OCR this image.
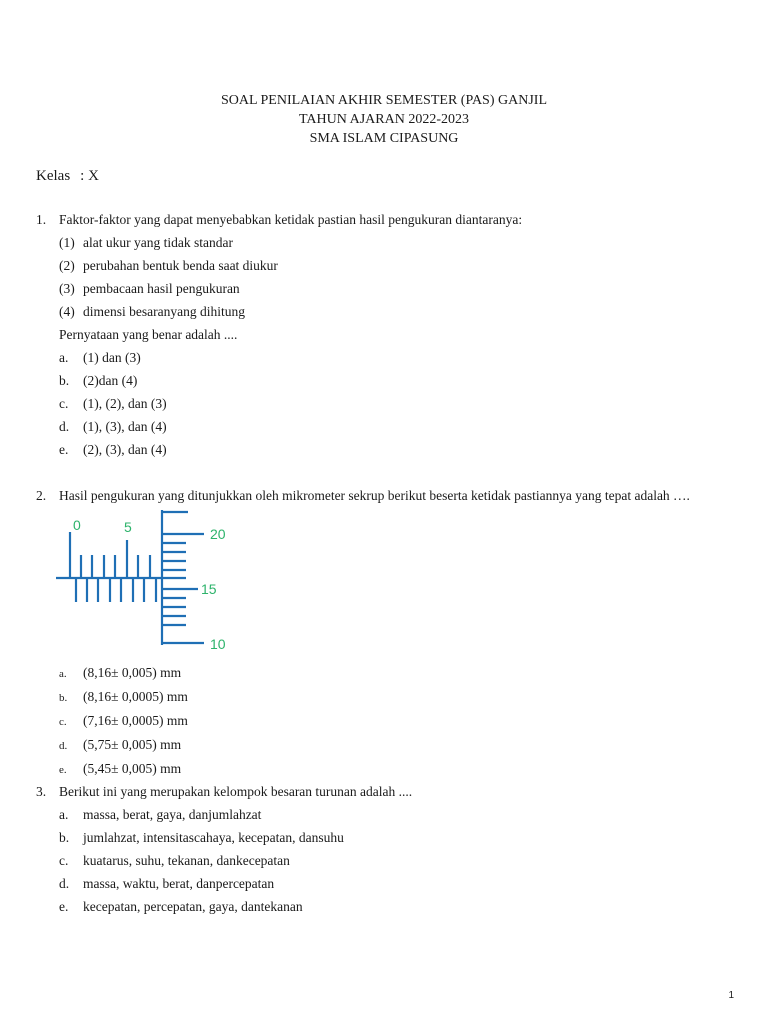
SOAL PENILAIAN AKHIR SEMESTER (PAS) GANJIL
TAHUN AJARAN 2022-2023
SMA ISLAM CIPASUNG
Kelas : X
1. Faktor-faktor yang dapat menyebabkan ketidak pastian hasil pengukuran diantaranya:
(1) alat ukur yang tidak standar
(2) perubahan bentuk benda saat diukur
(3) pembacaan hasil pengukuran
(4) dimensi besaranyang dihitung
Pernyataan yang benar adalah ....
a. (1) dan (3)
b. (2)dan (4)
c. (1), (2), dan (3)
d. (1), (3), dan (4)
e. (2), (3), dan (4)
2. Hasil pengukuran yang ditunjukkan oleh mikrometer sekrup berikut beserta ketidak pastiannya yang tepat adalah ….
0	5	20
15
10
a. (8,16± 0,005) mm
b. (8,16± 0,0005) mm
c. (7,16± 0,0005) mm
d. (5,75± 0,005) mm
e. (5,45± 0,005) mm
3. Berikut ini yang merupakan kelompok besaran turunan adalah ....
a. massa, berat, gaya, danjumlahzat
b. jumlahzat, intensitascahaya, kecepatan, dansuhu
c. kuatarus, suhu, tekanan, dankecepatan
d. massa, waktu, berat, danpercepatan
e. kecepatan, percepatan, gaya, dantekanan
1
